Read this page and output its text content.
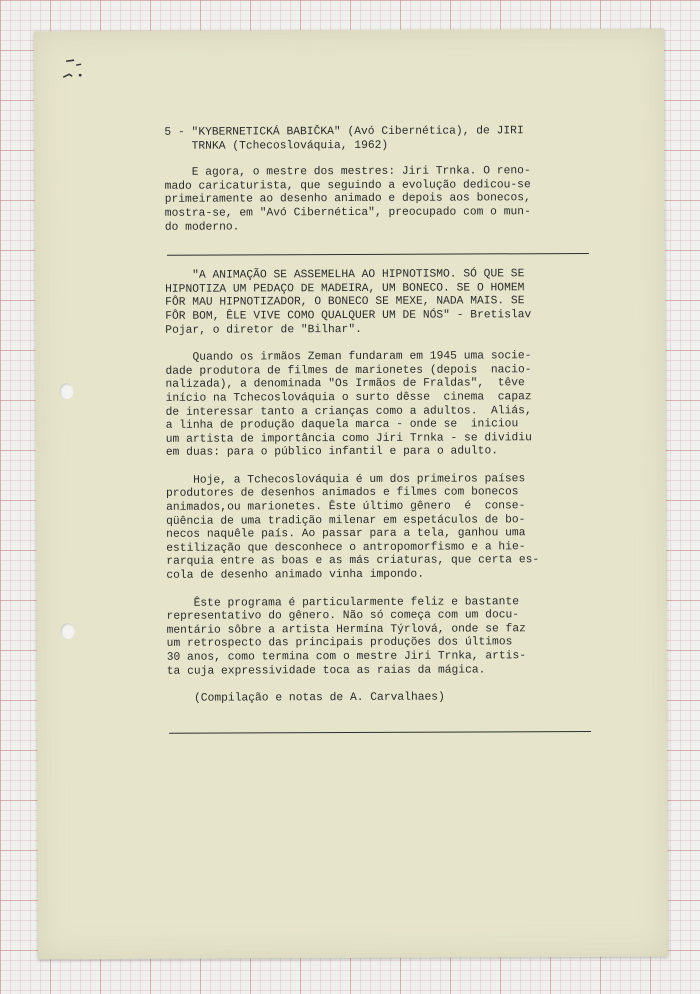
5 - "KYBERNETICKÁ BABIČKA" (Avó Cibernética), de JIRI
TRNKA (Tchecoslováquia, 1962)
E agora, o mestre dos mestres: Jiri Trnka. O reno-
mado caricaturista, que seguindo a evolução dedicou-se
primeiramente ao desenho animado e depois aos bonecos,
mostra-se, em "Avó Cibernética", preocupado com o mun-
do moderno.
"A ANIMAÇÃO SE ASSEMELHA AO HIPNOTISMO. SÓ QUE SE
HIPNOTIZA UM PEDAÇO DE MADEIRA, UM BONECO. SE O HOMEM
FÔR MAU HIPNOTIZADOR, O BONECO SE MEXE, NADA MAIS. SE
FÔR BOM, ÊLE VIVE COMO QUALQUER UM DE NÓS" - Bretislav
Pojar, o diretor de "Bilhar".
Quando os irmãos Zeman fundaram em 1945 uma socie-
dade produtora de filmes de marionetes (depois  nacio-
nalizada), a denominada "Os Irmãos de Fraldas",  têve
início na Tchecoslováquia o surto dêsse  cinema  capaz
de interessar tanto a crianças como a adultos.  Aliás,
a linha de produção daquela marca - onde se  iniciou
um artista de importância como Jiri Trnka - se dividiu
em duas: para o público infantil e para o adulto.
Hoje, a Tchecoslováquia é um dos primeiros países
produtores de desenhos animados e filmes com bonecos
animados,ou marionetes. Êste último gênero  é  conse-
qüência de uma tradição milenar em espetáculos de bo-
necos naquêle país. Ao passar para a tela, ganhou uma
estilização que desconhece o antropomorfismo e a hie-
rarquia entre as boas e as más criaturas, que certa es-
cola de desenho animado vinha impondo.
Êste programa é particularmente feliz e bastante
representativo do gênero. Não só começa com um docu-
mentário sôbre a artista Hermína Týrlová, onde se faz
um retrospecto das principais produções dos últimos
30 anos, como termina com o mestre Jiri Trnka, artis-
ta cuja expressividade toca as raias da mágica.
(Compilação e notas de A. Carvalhaes)
